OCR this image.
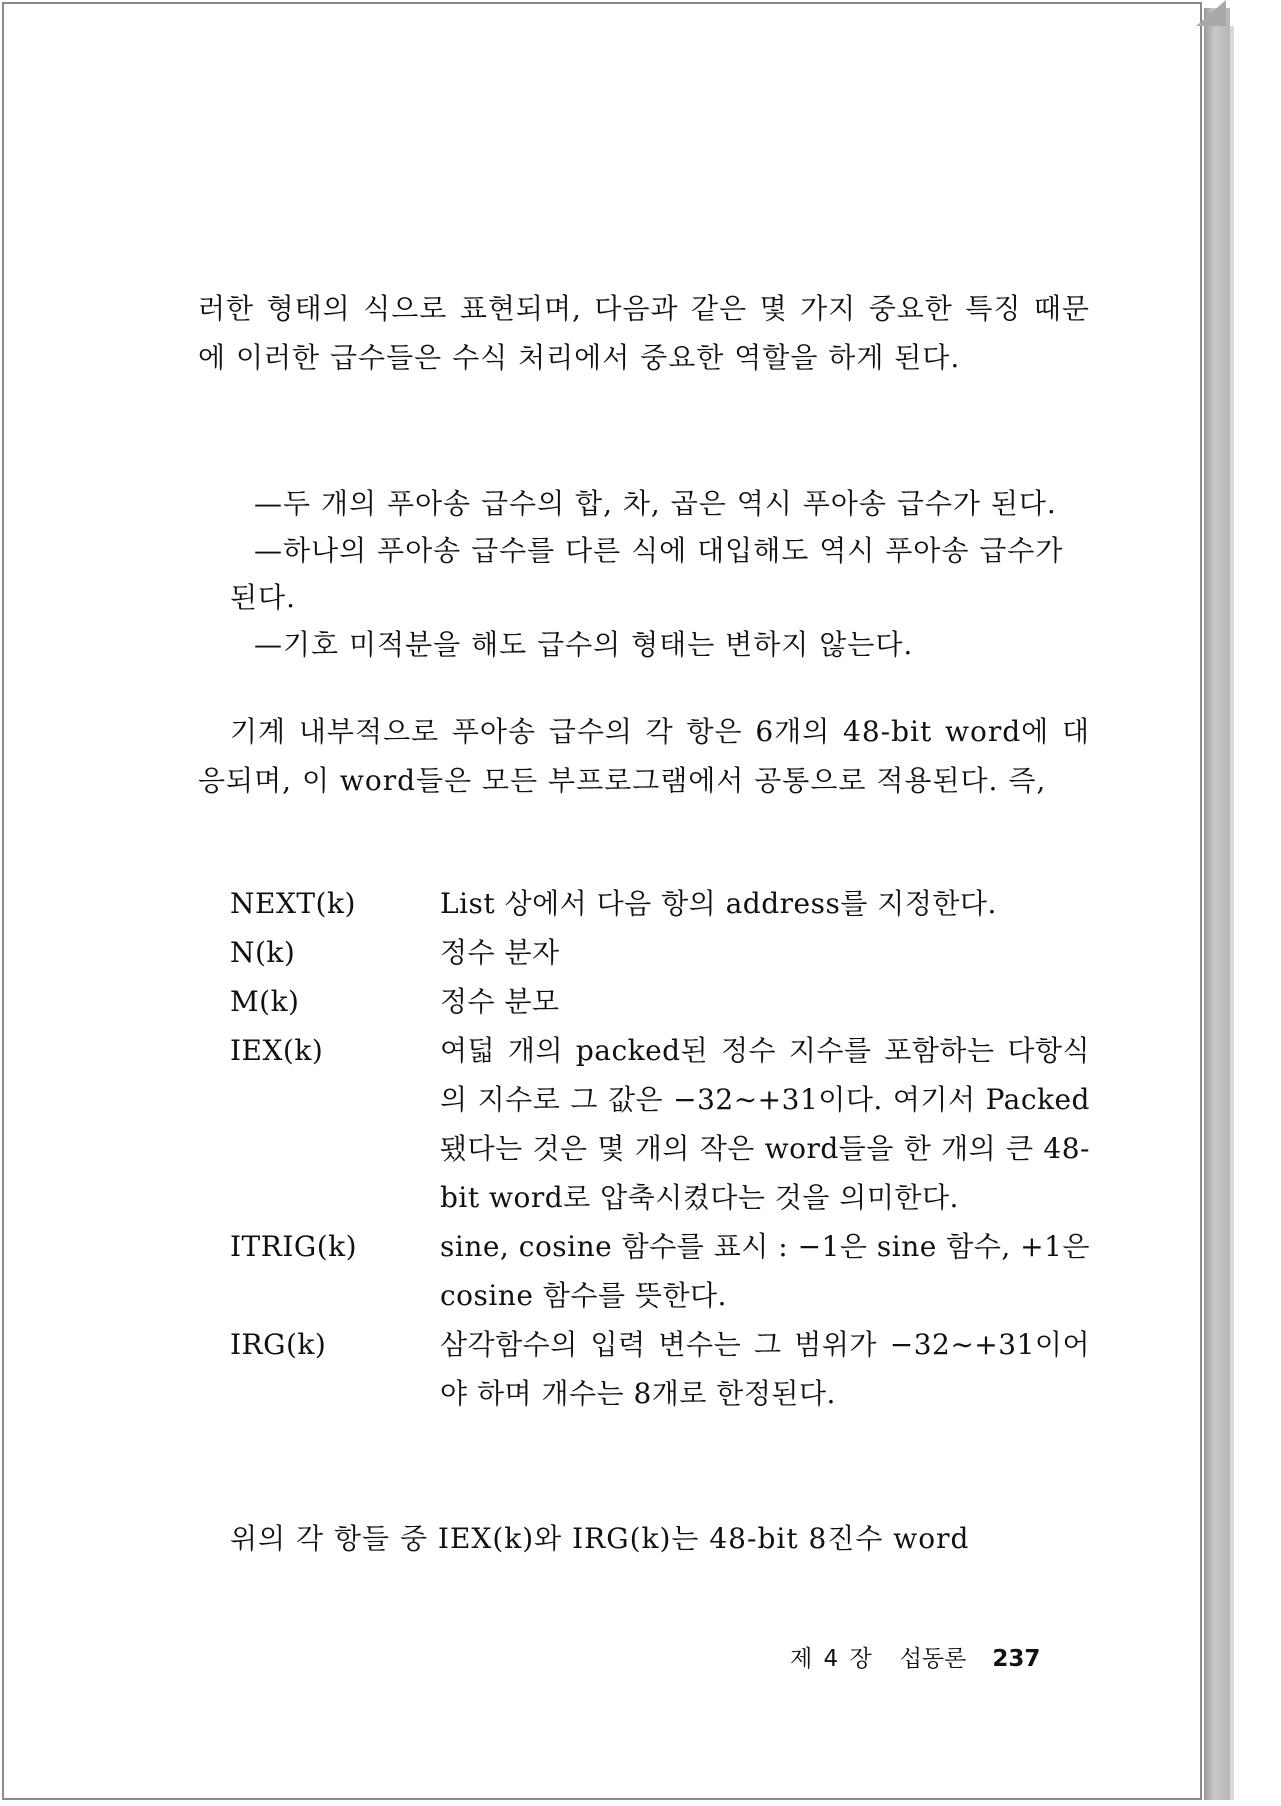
러한 형태의 식으로 표현되며, 다음과 같은 몇 가지 중요한 특징 때문에 이러한 급수들은 수식 처리에서 중요한 역할을 하게 된다.

—두 개의 푸아송 급수의 합, 차, 곱은 역시 푸아송 급수가 된다.

—하나의 푸아송 급수를 다른 식에 대입해도 역시 푸아송 급수가 된다.

—기호 미적분을 해도 급수의 형태는 변하지 않는다.

기계 내부적으로 푸아송 급수의 각 항은 6개의 48-bit word에 대응되며, 이 word들은 모든 부프로그램에서 공통으로 적용된다. 즉,

NEXT(k)	List 상에서 다음 항의 address를 지정한다.
N(k)	정수 분자
M(k)	정수 분모
IEX(k)	여덟 개의 packed된 정수 지수를 포함하는 다항식의 지수로 그 값은 −32∼+31이다. 여기서 Packed 됐다는 것은 몇 개의 작은 word들을 한 개의 큰 48-bit word로 압축시켰다는 것을 의미한다.
ITRIG(k)	sine, cosine 함수를 표시 : −1은 sine 함수, +1은 cosine 함수를 뜻한다.
IRG(k)	삼각함수의 입력 변수는 그 범위가 −32∼+31이어야 하며 개수는 8개로 한정된다.

위의 각 항들 중 IEX(k)와 IRG(k)는 48-bit 8진수 word

제 4 장 섭동론 237
